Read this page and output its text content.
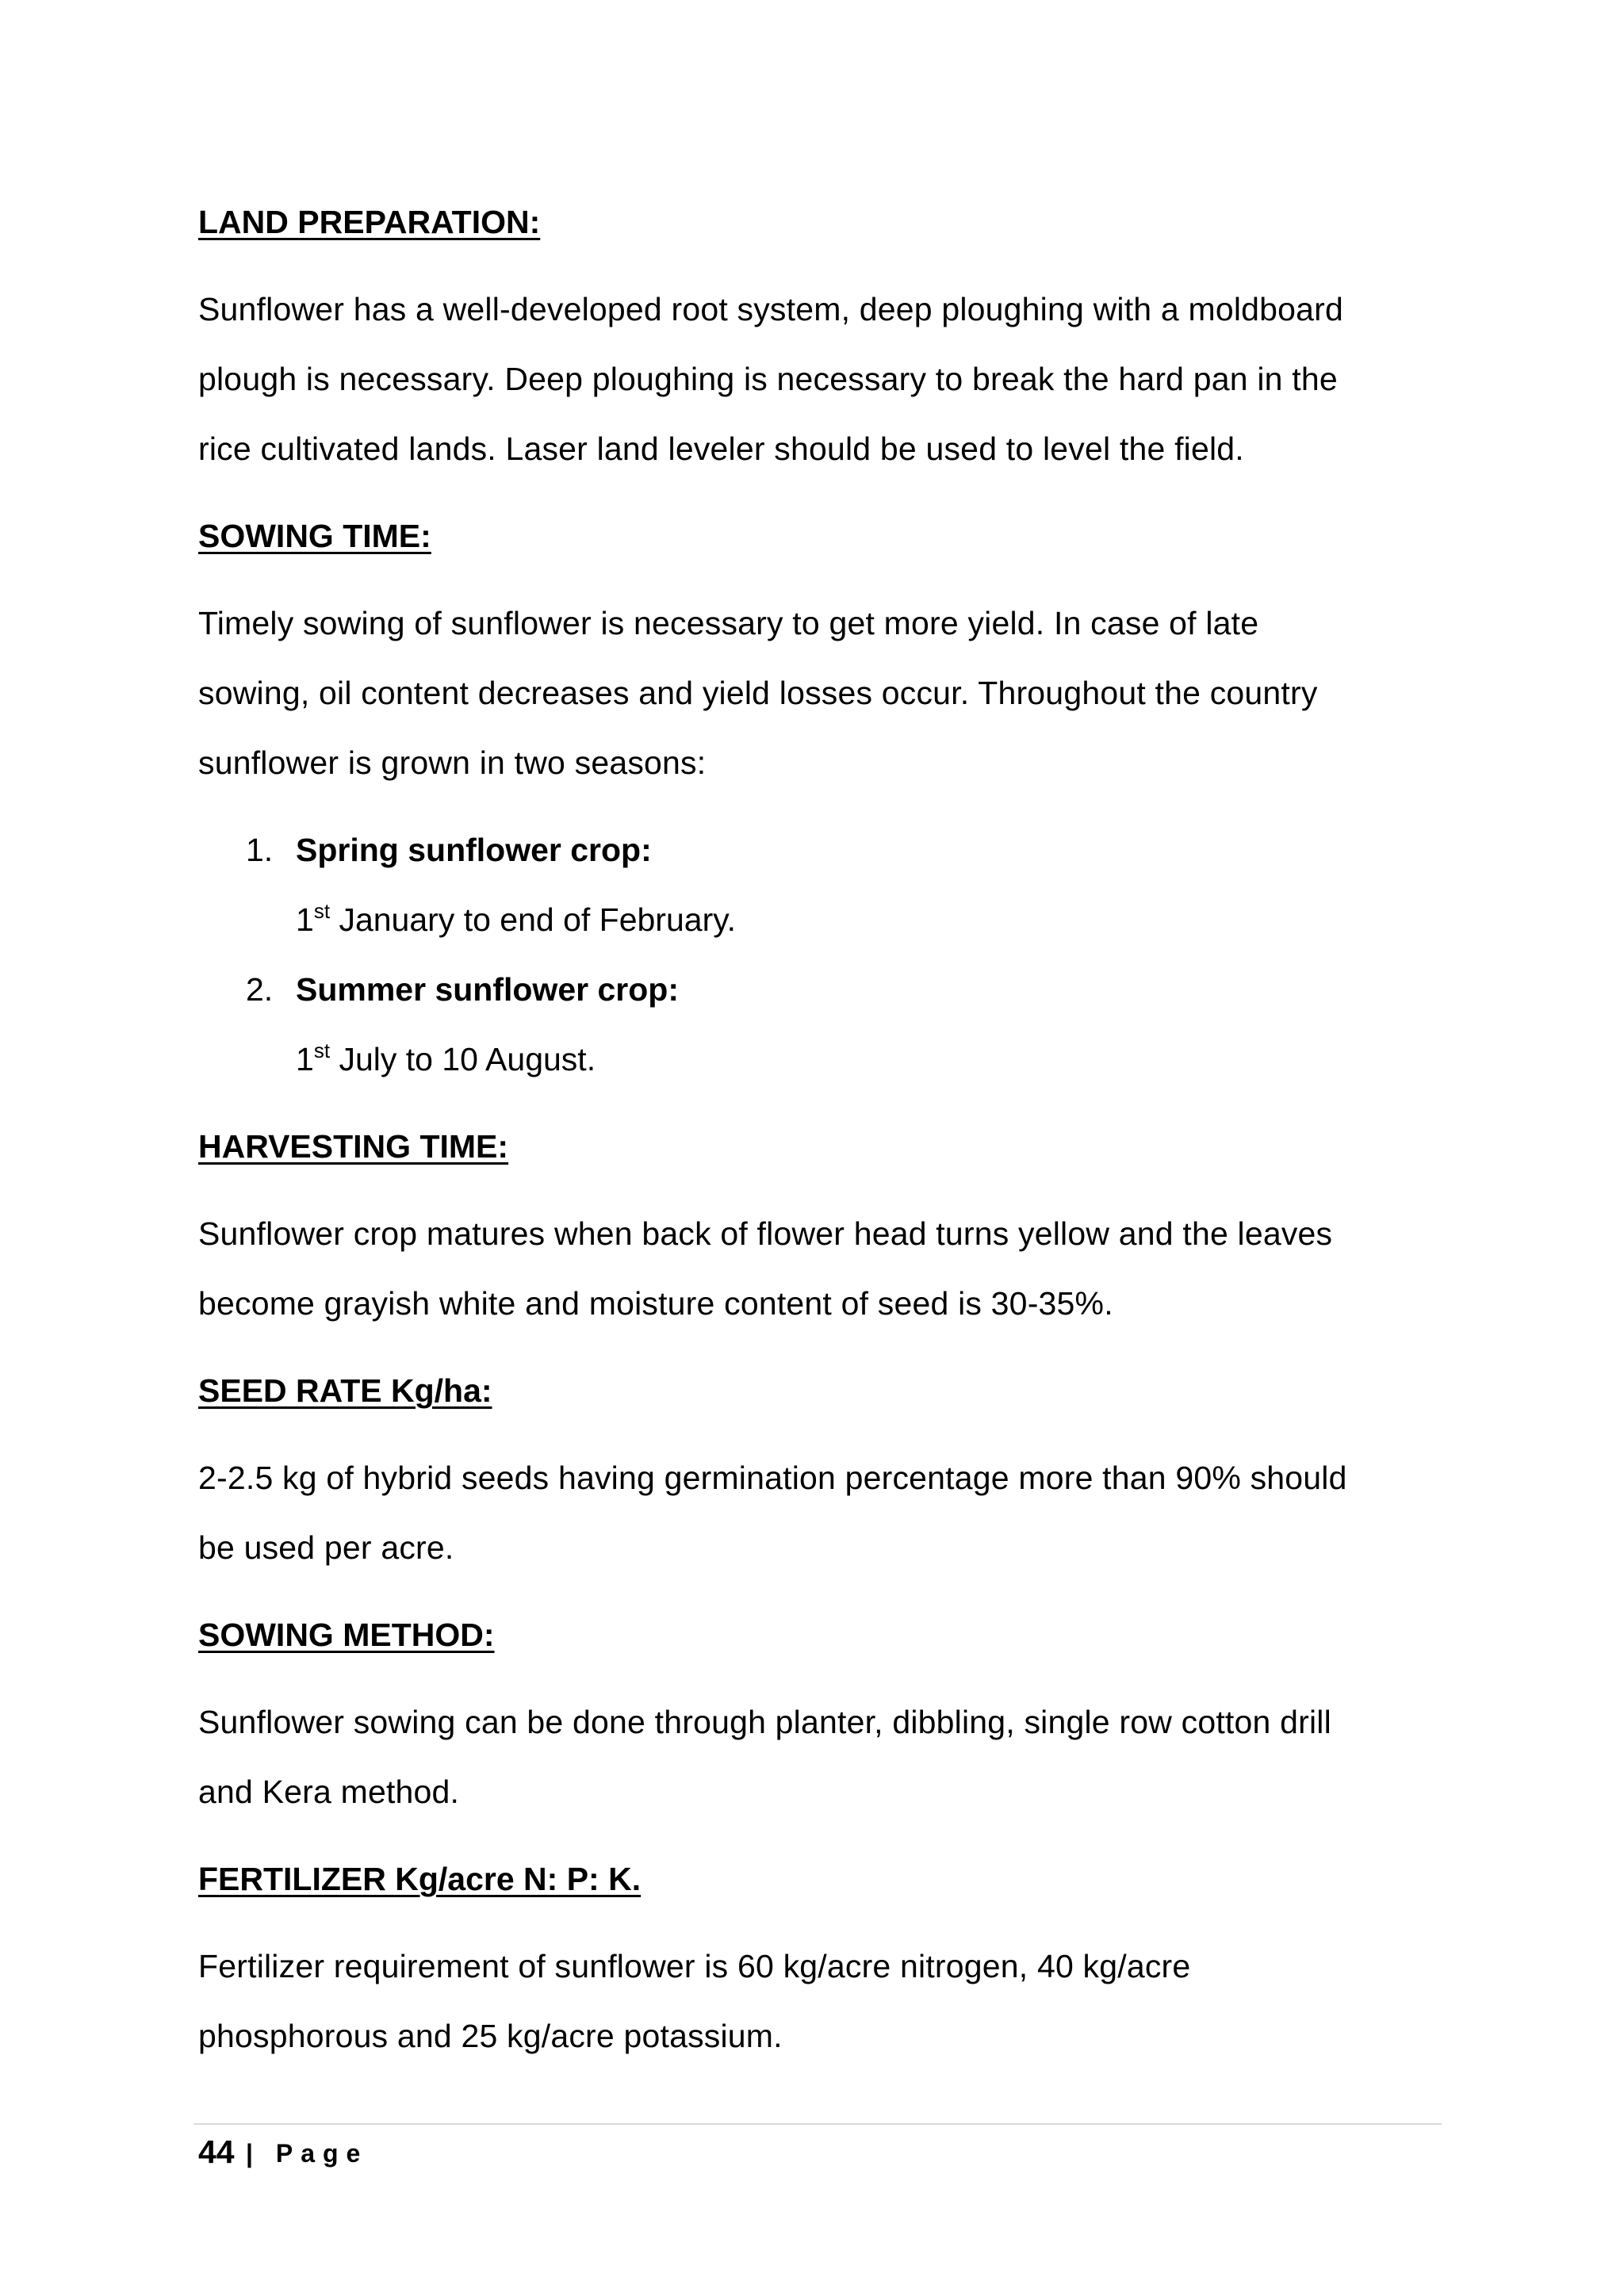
LAND PREPARATION:
Sunflower has a well-developed root system, deep ploughing with a moldboard
plough is necessary. Deep ploughing is necessary to break the hard pan in the
rice cultivated lands. Laser land leveler should be used to level the field.
SOWING TIME:
Timely sowing of sunflower is necessary to get more yield. In case of late
sowing, oil content decreases and yield losses occur. Throughout the country
sunflower is grown in two seasons:
1. Spring sunflower crop:
1st January to end of February.
2. Summer sunflower crop:
1st July to 10 August.
HARVESTING TIME:
Sunflower crop matures when back of flower head turns yellow and the leaves
become grayish white and moisture content of seed is 30-35%.
SEED RATE Kg/ha:
2-2.5 kg of hybrid seeds having germination percentage more than 90% should
be used per acre.
SOWING METHOD:
Sunflower sowing can be done through planter, dibbling, single row cotton drill
and Kera method.
FERTILIZER Kg/acre N: P: K.
Fertilizer requirement of sunflower is 60 kg/acre nitrogen, 40 kg/acre
phosphorous and 25 kg/acre potassium.
44 | Page
